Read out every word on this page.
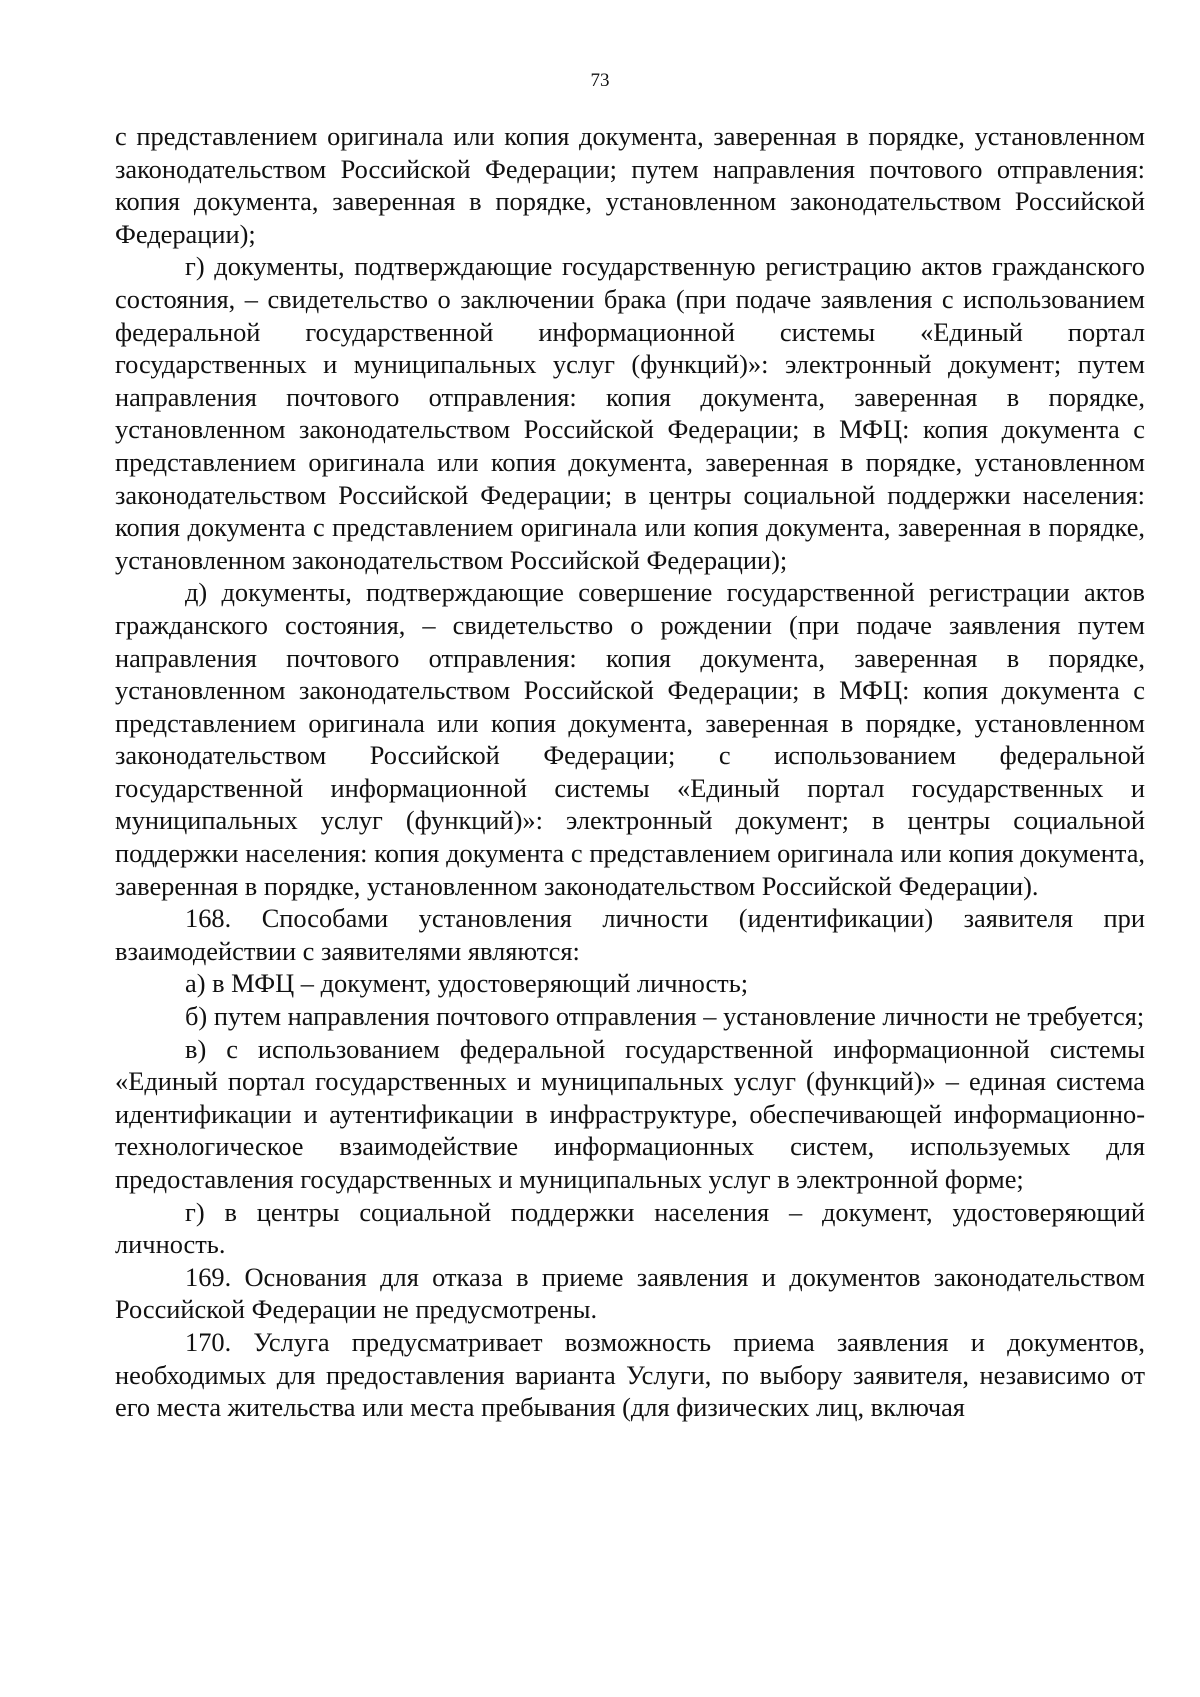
73

с представлением оригинала или копия документа, заверенная в порядке, установленном законодательством Российской Федерации; путем направления почтового отправления: копия документа, заверенная в порядке, установленном законодательством Российской Федерации);

г) документы, подтверждающие государственную регистрацию актов гражданского состояния, – свидетельство о заключении брака (при подаче заявления с использованием федеральной государственной информационной системы «Единый портал государственных и муниципальных услуг (функций)»: электронный документ; путем направления почтового отправления: копия документа, заверенная в порядке, установленном законодательством Российской Федерации; в МФЦ: копия документа с представлением оригинала или копия документа, заверенная в порядке, установленном законодательством Российской Федерации; в центры социальной поддержки населения: копия документа с представлением оригинала или копия документа, заверенная в порядке, установленном законодательством Российской Федерации);

д) документы, подтверждающие совершение государственной регистрации актов гражданского состояния, – свидетельство о рождении (при подаче заявления путем направления почтового отправления: копия документа, заверенная в порядке, установленном законодательством Российской Федерации; в МФЦ: копия документа с представлением оригинала или копия документа, заверенная в порядке, установленном законодательством Российской Федерации; с использованием федеральной государственной информационной системы «Единый портал государственных и муниципальных услуг (функций)»: электронный документ; в центры социальной поддержки населения: копия документа с представлением оригинала или копия документа, заверенная в порядке, установленном законодательством Российской Федерации).

168. Способами установления личности (идентификации) заявителя при взаимодействии с заявителями являются:

а) в МФЦ – документ, удостоверяющий личность;

б) путем направления почтового отправления – установление личности не требуется;

в) с использованием федеральной государственной информационной системы «Единый портал государственных и муниципальных услуг (функций)» – единая система идентификации и аутентификации в инфраструктуре, обеспечивающей информационно-технологическое взаимодействие информационных систем, используемых для предоставления государственных и муниципальных услуг в электронной форме;

г) в центры социальной поддержки населения – документ, удостоверяющий личность.

169. Основания для отказа в приеме заявления и документов законодательством Российской Федерации не предусмотрены.

170. Услуга предусматривает возможность приема заявления и документов, необходимых для предоставления варианта Услуги, по выбору заявителя, независимо от его места жительства или места пребывания (для физических лиц, включая
